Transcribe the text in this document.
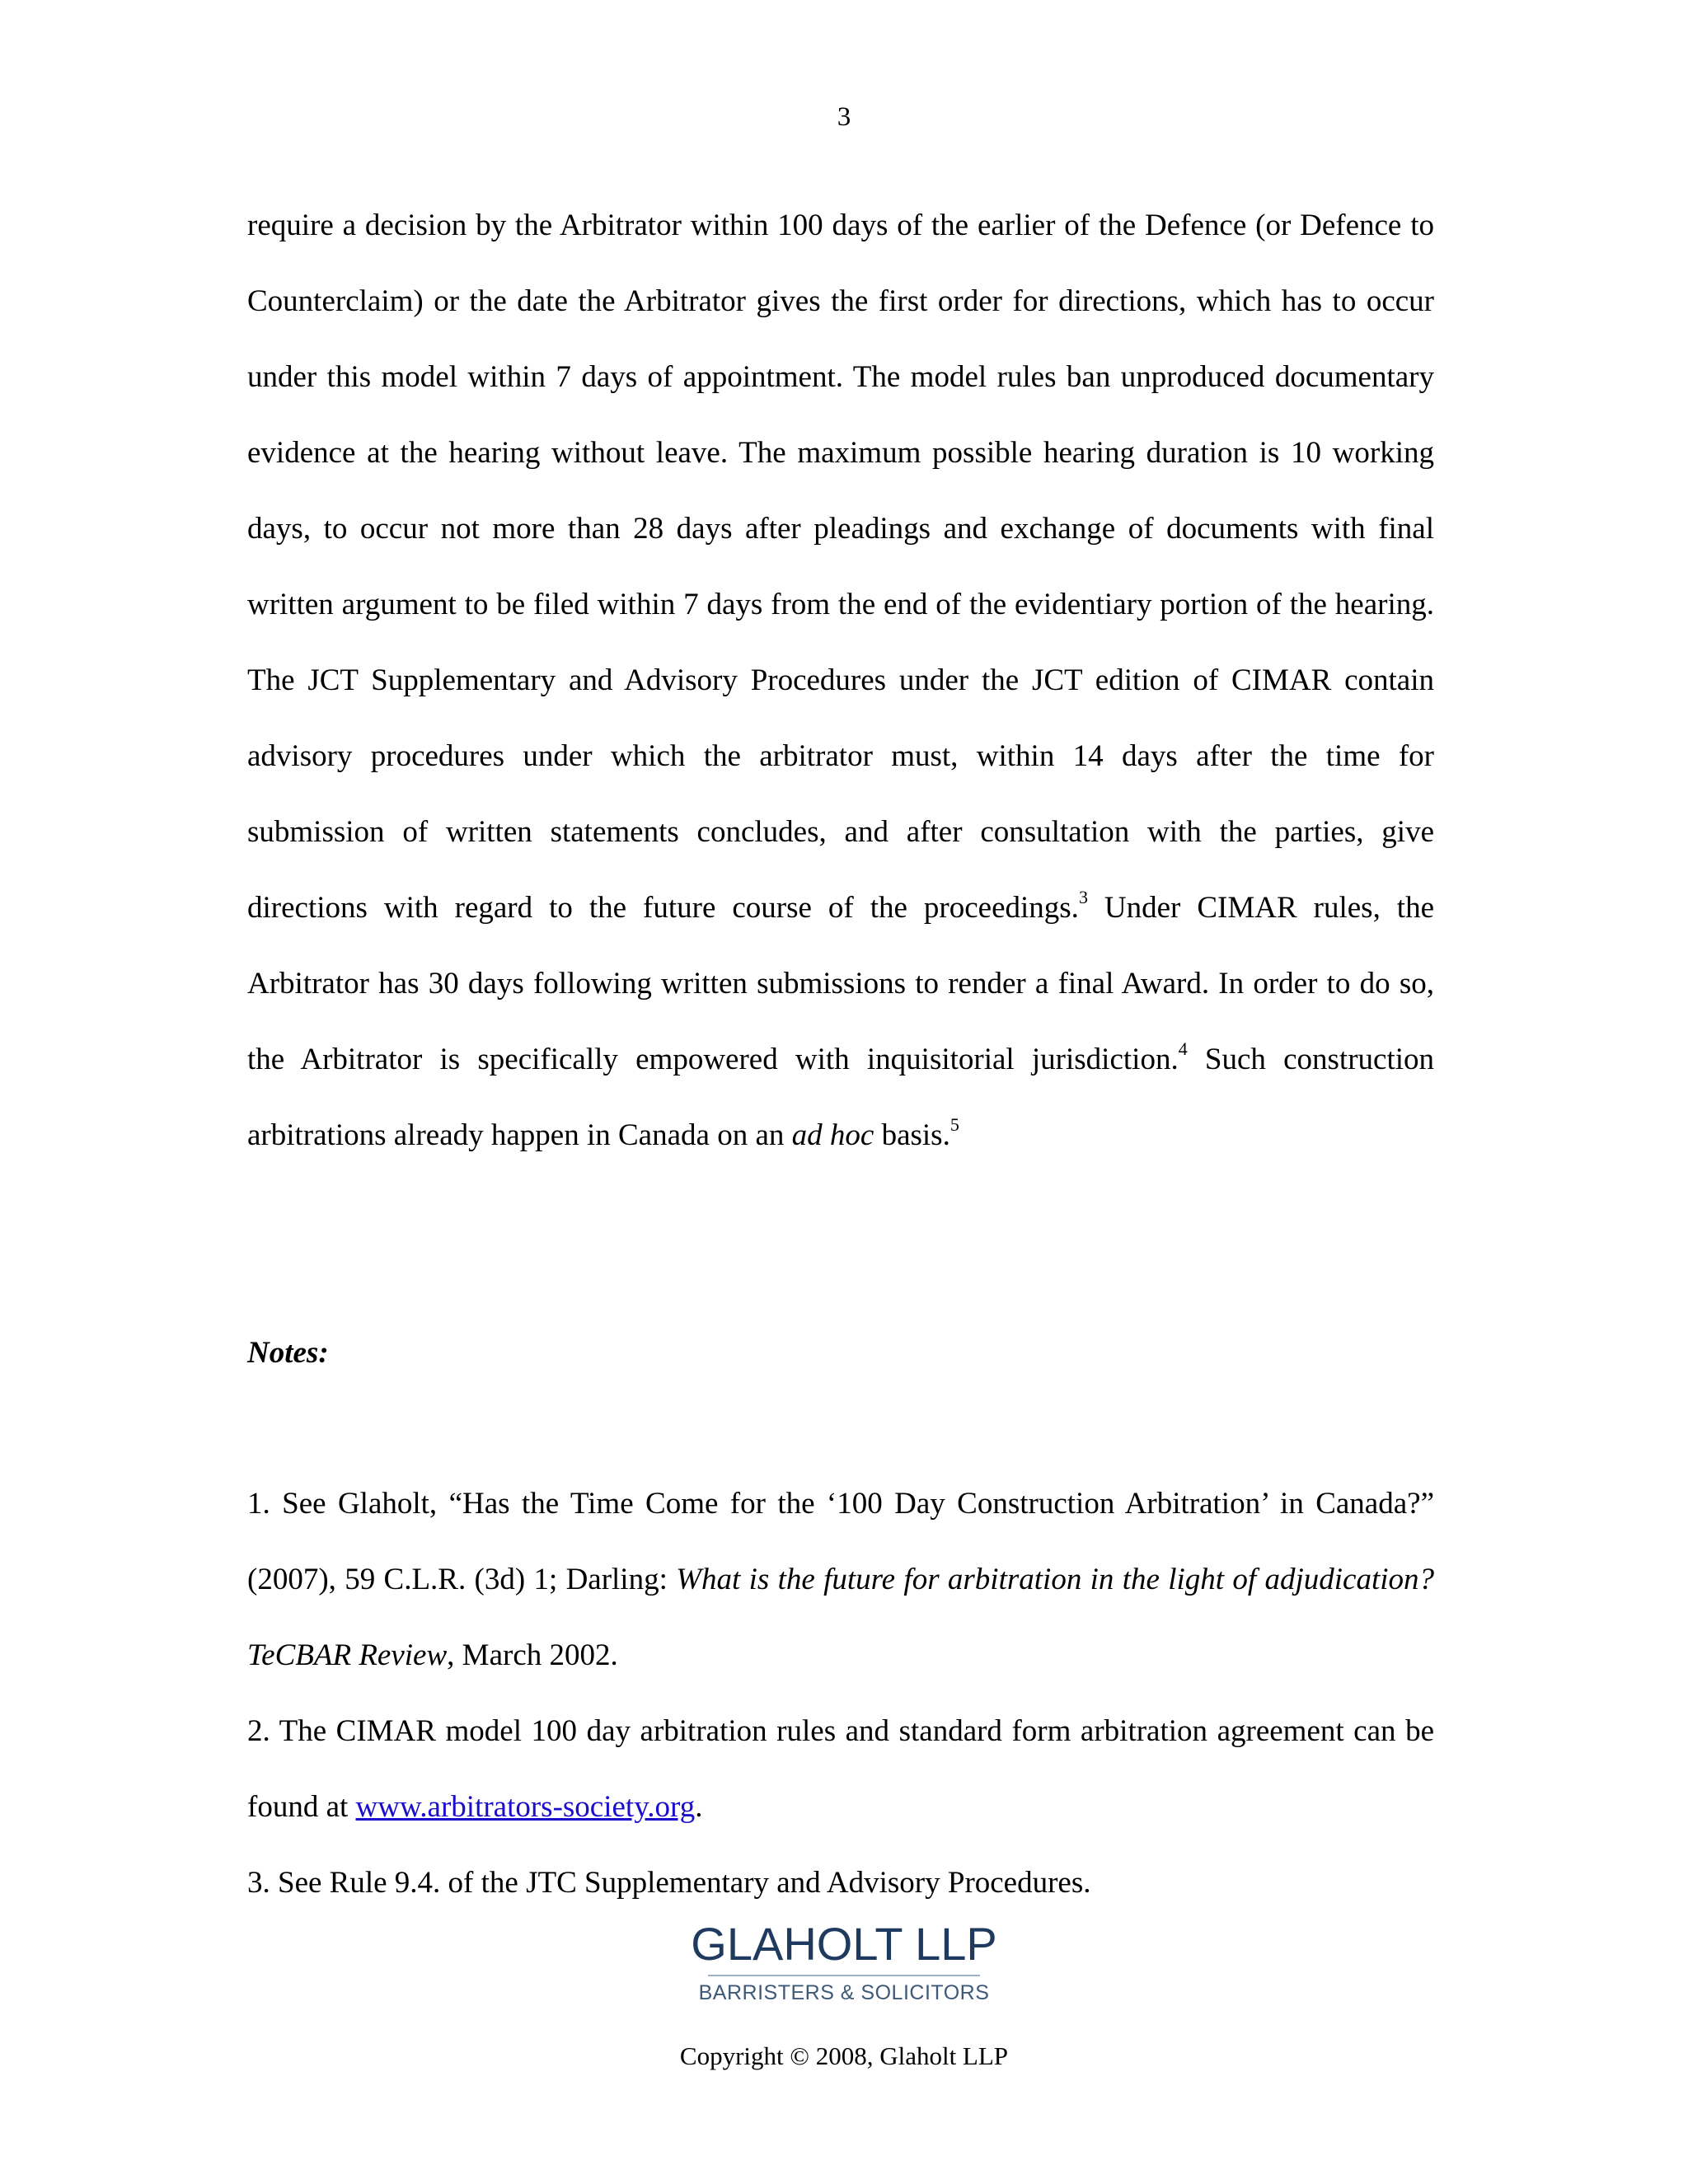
3

require a decision by the Arbitrator within 100 days of the earlier of the Defence (or Defence to Counterclaim) or the date the Arbitrator gives the first order for directions, which has to occur under this model within 7 days of appointment. The model rules ban unproduced documentary evidence at the hearing without leave. The maximum possible hearing duration is 10 working days, to occur not more than 28 days after pleadings and exchange of documents with final written argument to be filed within 7 days from the end of the evidentiary portion of the hearing. The JCT Supplementary and Advisory Procedures under the JCT edition of CIMAR contain advisory procedures under which the arbitrator must, within 14 days after the time for submission of written statements concludes, and after consultation with the parties, give directions with regard to the future course of the proceedings.$^3$ Under CIMAR rules, the Arbitrator has 30 days following written submissions to render a final Award. In order to do so, the Arbitrator is specifically empowered with inquisitorial jurisdiction.$^4$ Such construction arbitrations already happen in Canada on an ad hoc basis.$^5$

Notes:

1. See Glaholt, “Has the Time Come for the ‘100 Day Construction Arbitration’ in Canada?” (2007), 59 C.L.R. (3d) 1; Darling: What is the future for arbitration in the light of adjudication? TeCBAR Review, March 2002.

2. The CIMAR model 100 day arbitration rules and standard form arbitration agreement can be found at www.arbitrators-society.org.

3. See Rule 9.4. of the JTC Supplementary and Advisory Procedures.

GLAHOLT LLP
BARRISTERS & SOLICITORS
Copyright © 2008, Glaholt LLP
